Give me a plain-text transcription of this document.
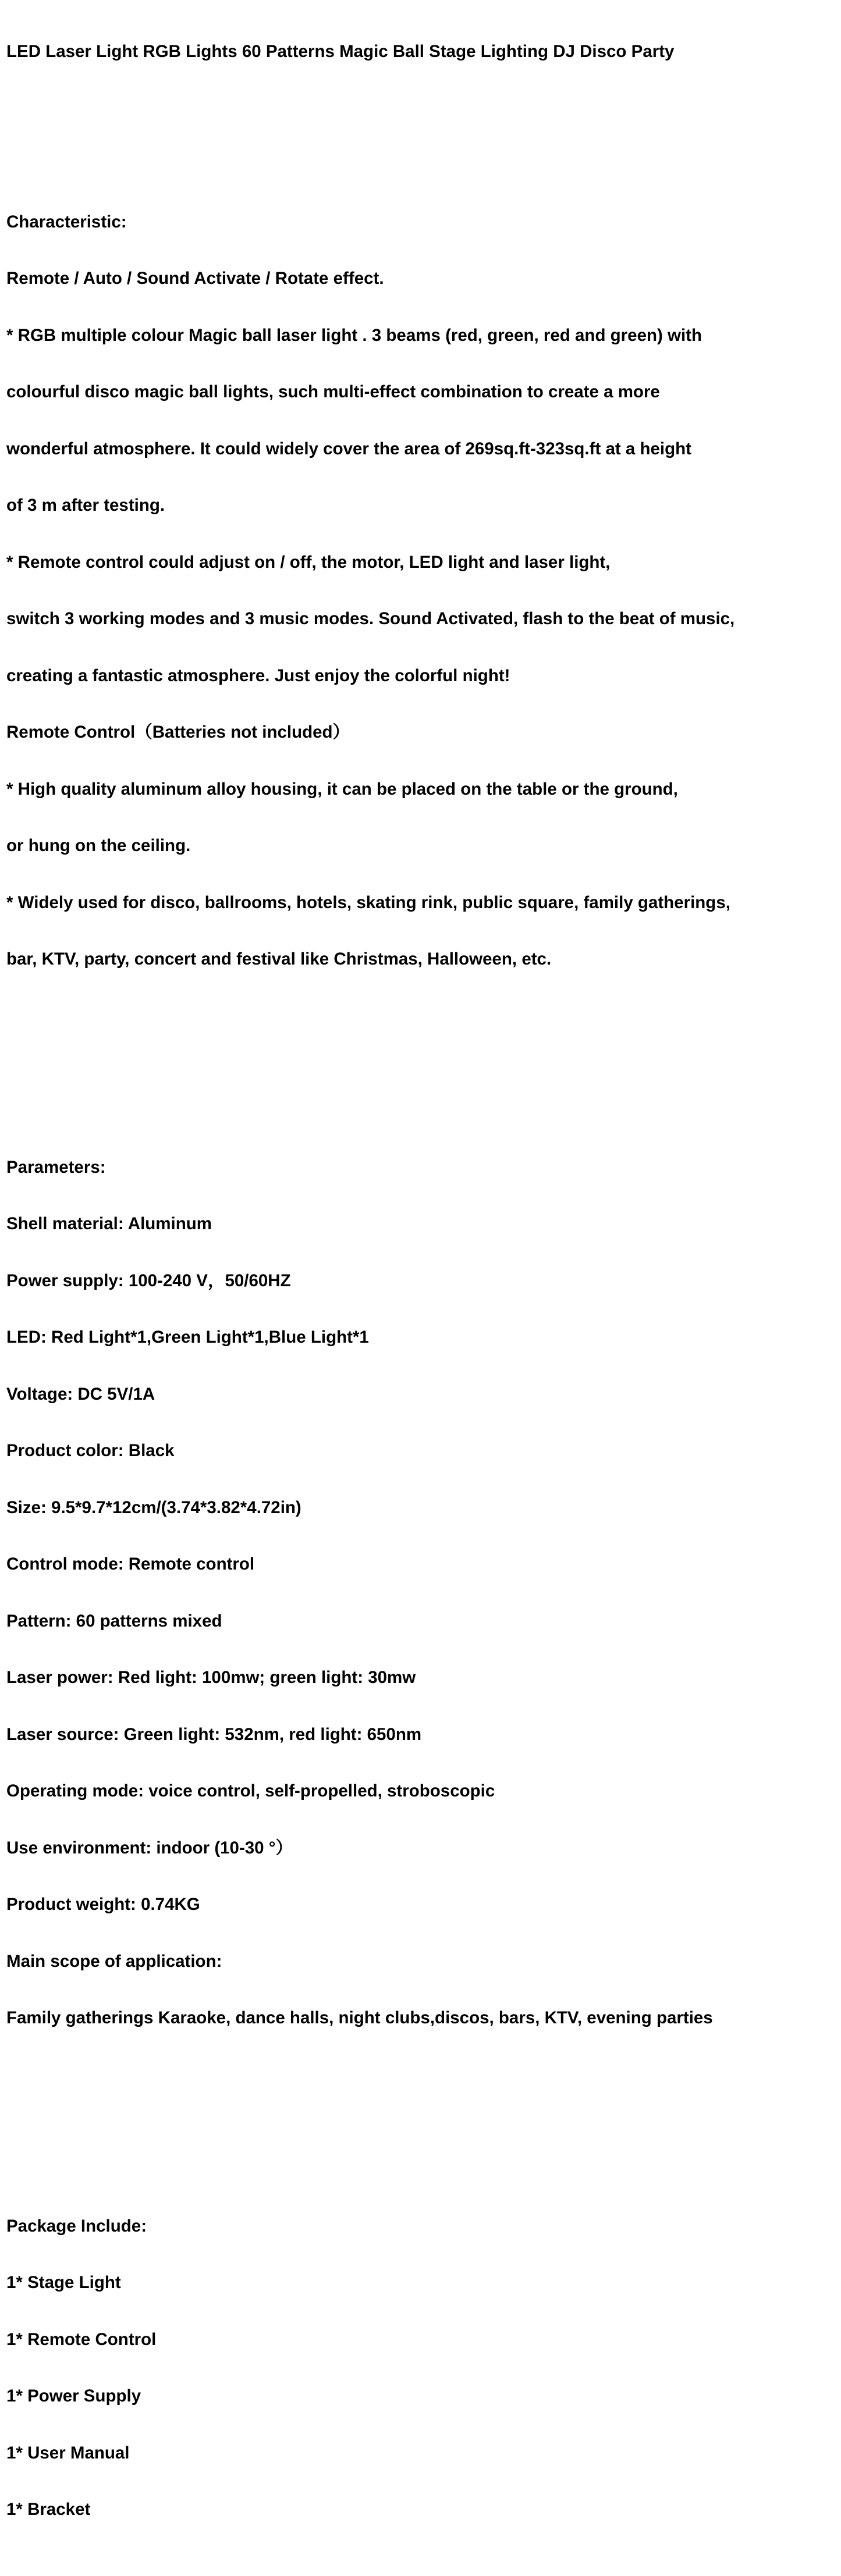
LED Laser Light RGB Lights 60 Patterns Magic Ball Stage Lighting DJ Disco Party

Characteristic:

Remote / Auto / Sound Activate / Rotate effect.

* RGB multiple colour Magic ball laser light . 3 beams (red, green, red and green) with

colourful disco magic ball lights, such multi-effect combination to create a more

wonderful atmosphere. It could widely cover the area of 269sq.ft-323sq.ft at a height

of 3 m after testing.

* Remote control could adjust on / off, the motor, LED light and laser light,

switch 3 working modes and 3 music modes. Sound Activated, flash to the beat of music,

creating a fantastic atmosphere. Just enjoy the colorful night!

Remote Control（Batteries not included）

* High quality aluminum alloy housing, it can be placed on the table or the ground,

or hung on the ceiling.

* Widely used for disco, ballrooms, hotels, skating rink, public square, family gatherings,

bar, KTV, party, concert and festival like Christmas, Halloween, etc.

Parameters:

Shell material: Aluminum

Power supply: 100-240 V，50/60HZ

LED: Red Light*1,Green Light*1,Blue Light*1

Voltage: DC 5V/1A

Product color: Black

Size: 9.5*9.7*12cm/(3.74*3.82*4.72in)

Control mode: Remote control

Pattern: 60 patterns mixed

Laser power: Red light: 100mw; green light: 30mw

Laser source: Green light: 532nm, red light: 650nm

Operating mode: voice control, self-propelled, stroboscopic

Use environment: indoor (10-30 °）

Product weight: 0.74KG

Main scope of application:

Family gatherings Karaoke, dance halls, night clubs,discos, bars, KTV, evening parties

Package Include:

1* Stage Light

1* Remote Control

1* Power Supply

1* User Manual

1* Bracket
